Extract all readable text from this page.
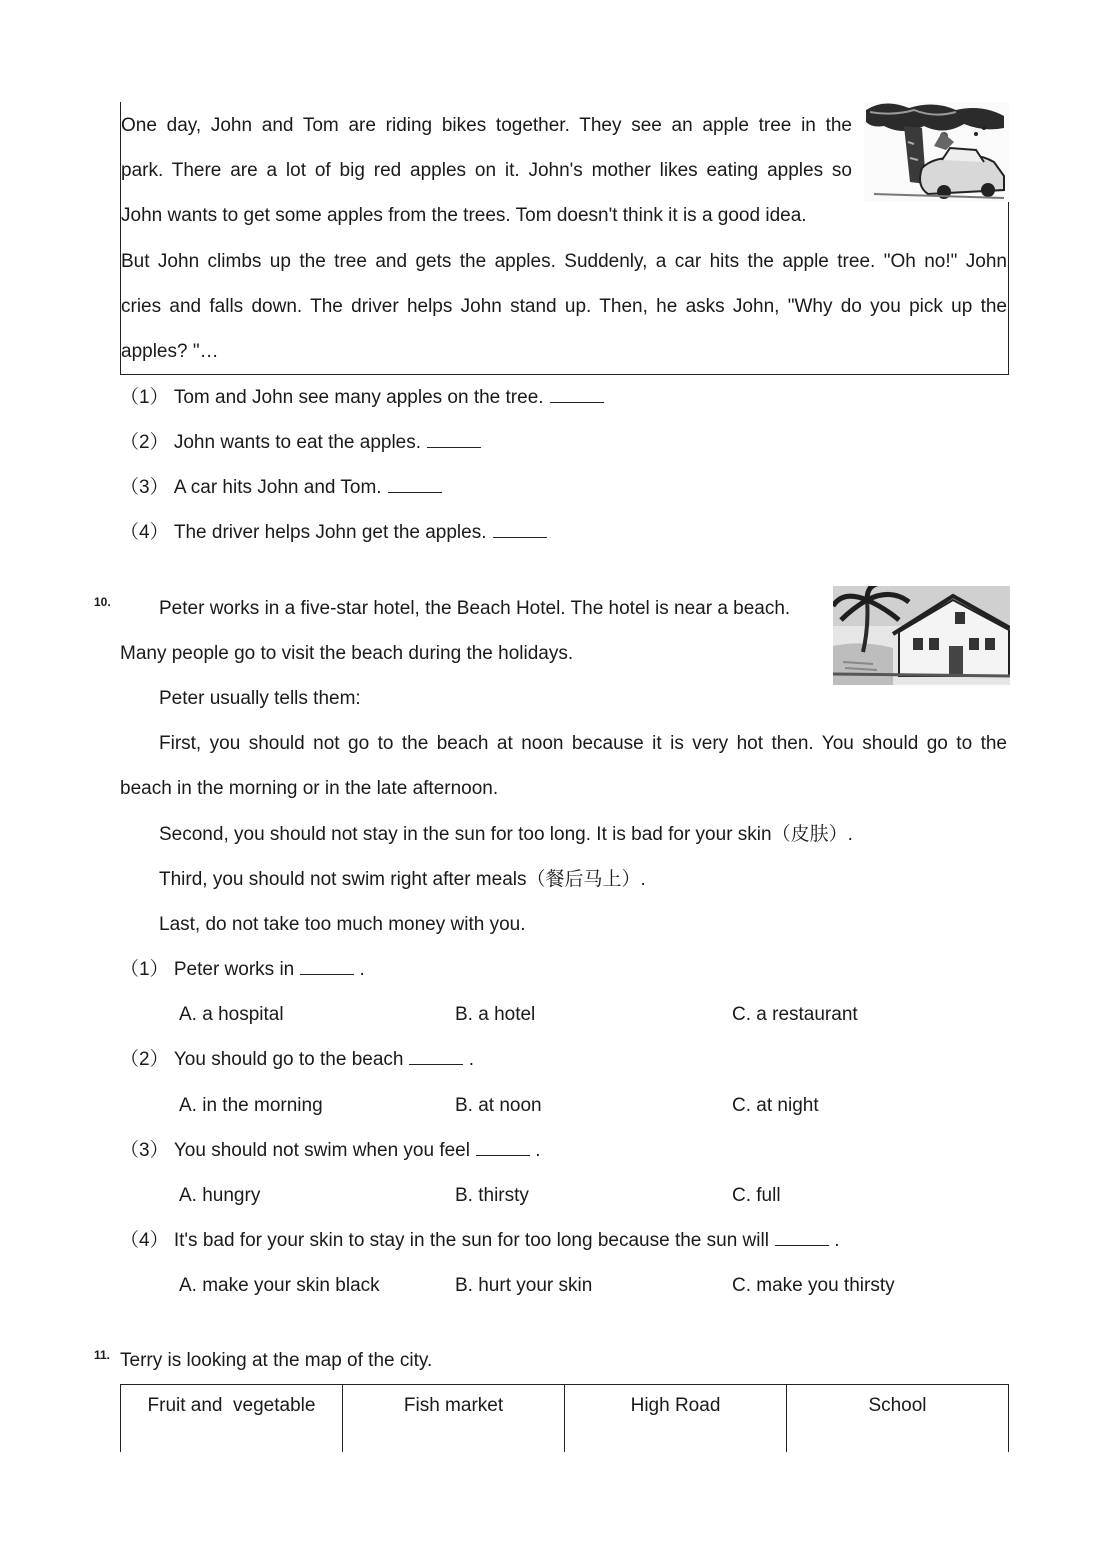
One day, John and Tom are riding bikes together. They see an apple tree in the
park. There are a lot of big red apples on it. John's mother likes eating apples so
John wants to get some apples from the trees. Tom doesn't think it is a good idea.
But John climbs up the tree and gets the apples. Suddenly, a car hits the apple tree. "Oh no!" John
cries and falls down. The driver helps John stand up. Then, he asks John, "Why do you pick up the
apples? "…
（1） Tom and John see many apples on the tree.
（2） John wants to eat the apples.
（3） A car hits John and Tom.
（4） The driver helps John get the apples.
10.	Peter works in a five-star hotel, the Beach Hotel. The hotel is near a beach.
Many people go to visit the beach during the holidays.
Peter usually tells them:
First, you should not go to the beach at noon because it is very hot then. You should go to the
beach in the morning or in the late afternoon.
Second, you should not stay in the sun for too long. It is bad for your skin（皮肤）.
Third, you should not swim right after meals（餐后马上）.
Last, do not take too much money with you.
（1） Peter works in	.
A. a hospital	B. a hotel	C. a restaurant
（2） You should go to the beach	.
A. in the morning	B. at noon	C. at night
（3） You should not swim when you feel	.
A. hungry	B. thirsty	C. full
（4） It's bad for your skin to stay in the sun for too long because the sun will	.
A. make your skin black	B. hurt your skin	C. make you thirsty
11. Terry is looking at the map of the city.
Fruit and  vegetable	Fish market	High Road	School
